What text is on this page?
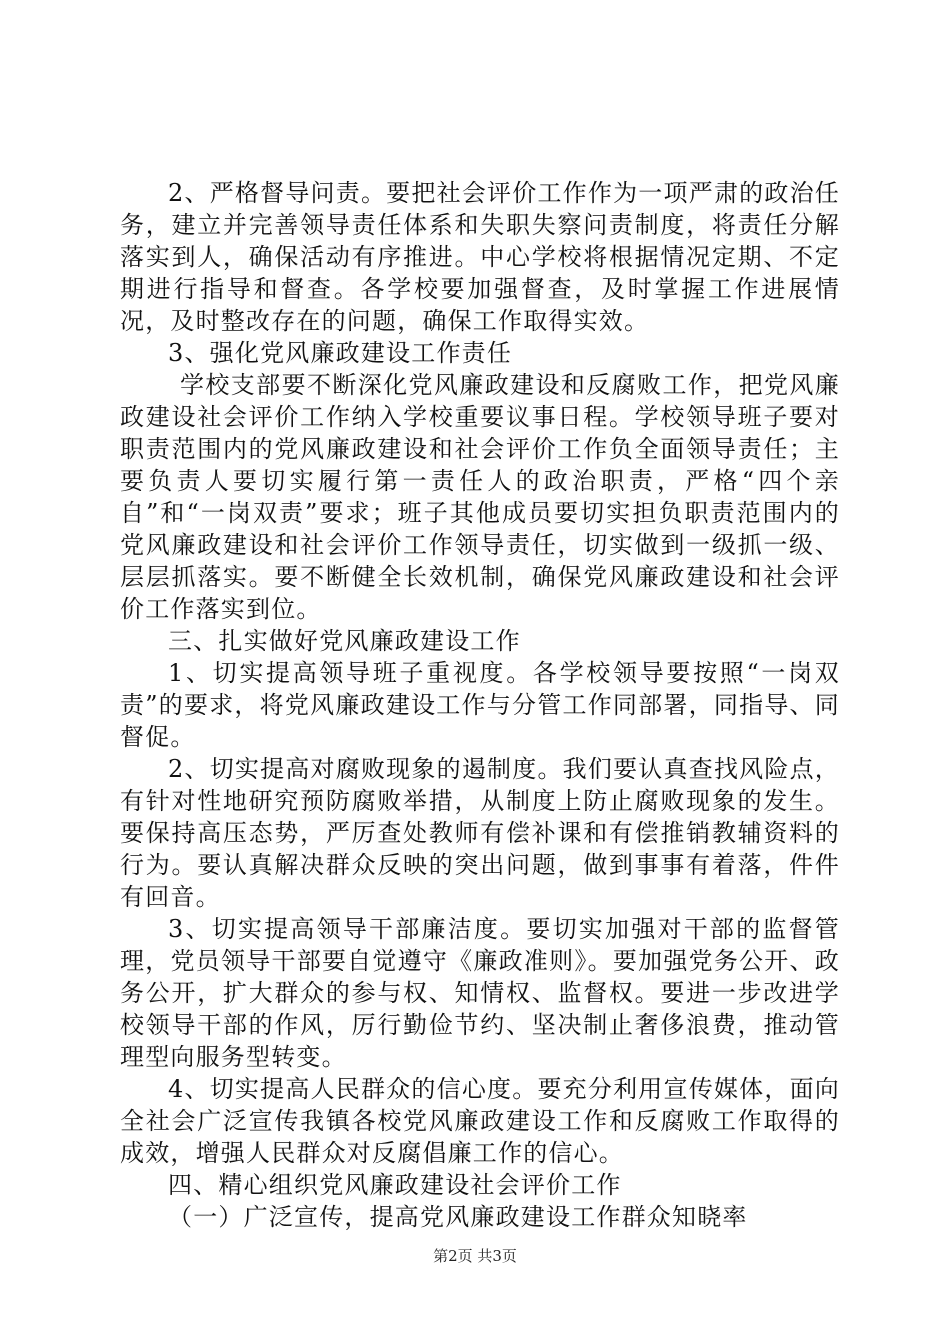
2、严格督导问责。要把社会评价工作作为一项严肃的政治任务，建立并完善领导责任体系和失职失察问责制度，将责任分解落实到人，确保活动有序推进。中心学校将根据情况定期、不定期进行指导和督查。各学校要加强督查，及时掌握工作进展情况，及时整改存在的问题，确保工作取得实效。

3、强化党风廉政建设工作责任

学校支部要不断深化党风廉政建设和反腐败工作，把党风廉政建设社会评价工作纳入学校重要议事日程。学校领导班子要对职责范围内的党风廉政建设和社会评价工作负全面领导责任；主要负责人要切实履行第一责任人的政治职责，严格“四个亲自”和“一岗双责”要求；班子其他成员要切实担负职责范围内的党风廉政建设和社会评价工作领导责任，切实做到一级抓一级、层层抓落实。要不断健全长效机制，确保党风廉政建设和社会评价工作落实到位。

三、扎实做好党风廉政建设工作

1、切实提高领导班子重视度。各学校领导要按照“一岗双责”的要求，将党风廉政建设工作与分管工作同部署，同指导、同督促。

2、切实提高对腐败现象的遏制度。我们要认真查找风险点，有针对性地研究预防腐败举措，从制度上防止腐败现象的发生。要保持高压态势，严厉查处教师有偿补课和有偿推销教辅资料的行为。要认真解决群众反映的突出问题，做到事事有着落，件件有回音。

3、切实提高领导干部廉洁度。要切实加强对干部的监督管理，党员领导干部要自觉遵守《廉政准则》。要加强党务公开、政务公开，扩大群众的参与权、知情权、监督权。要进一步改进学校领导干部的作风，厉行勤俭节约、坚决制止奢侈浪费，推动管理型向服务型转变。

4、切实提高人民群众的信心度。要充分利用宣传媒体，面向全社会广泛宣传我镇各校党风廉政建设工作和反腐败工作取得的成效，增强人民群众对反腐倡廉工作的信心。

四、精心组织党风廉政建设社会评价工作

（一）广泛宣传，提高党风廉政建设工作群众知晓率

第2页 共3页
